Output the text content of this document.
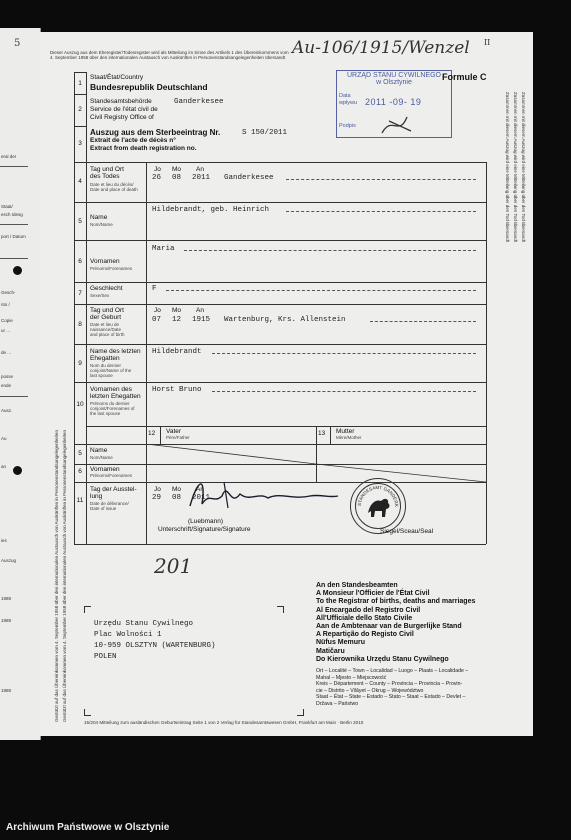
5
eral der
Staat/
esch Idesg
port / Datum
Gesch-
nto /
Copie
ur ...
de ...
posse
ende
Ausz.
Au
an
ies
Auszug
1988
1988
1988
Dieser Auszug aus dem Eheregister/Todesregister wird als Mitteilung im Sinne des Artikels 1 des Übereinkommens vom
4. September 1958 über den internationalen Austausch von Auskünften in Personenstandsangelegenheiten übersandt Au-106/1915/Wenzel II
URZĄD STANU CYWILNEGO
w Olsztynie
Data wpływu 2011 -09- 19
Podpis
Formule C
Gestützt auf das Übereinkommen vom 4. September 1958 über den internationalen Austausch von Auskünften in Personenstandsangelegenheiten Gestützt auf das Übereinkommen vom 4. September 1958 über den internationalen Austausch von Auskünften in Personenstandsangelegenheiten
Zusammen mit diesem Auszug wird eine Mitteilung über den Tod übersandt Zusammen mit diesem Auszug wird eine Mitteilung über den Tod übersandt Zusammen mit diesem Auszug wird eine Mitteilung über den Tod übersandt
1
2
3
4
5
6
7
8
9
10
11
Staat/État/Country
Bundesrepublik Deutschland
Standesamtsbehörde
Service de l'état civil de
Civil Registry Office of
Ganderkesee
Auszug aus dem Sterbeeintrag Nr.
Extrait de l'acte de décès n°
Extract from death registration no.
S 150/2011
Tag und Ort
des Todes
Date et lieu du décès/
Date and place of death
Jo Mo An
26 08 2011 Ganderkesee
Name
Nom/Name
Hildebrandt, geb. Heinrich
Vornamen
Prénoms/Forenames
Maria
Geschlecht
Sexe/Sex
F
Tag und Ort
der Geburt
Date et lieu de
naissance/Date
and place of birth
Jo Mo An
07 12 1915 Wartenburg, Krs. Allenstein
Name des letzten
Ehegatten
Nom du dernier
conjoint/Name of the
last spouse
Hildebrandt
Vornamen des
letzten Ehegatten
Prénoms du dernier
conjoint/Forenames of
the last spouse
Horst Bruno
12 Vater
Père/Father
13 Mutter
Mère/Mother
5
6
Name
Nom/Name
Vornamen
Prénoms/Forenames
Tag der Ausstel-
lung
Date de délivrance/
Date of issue
Jo Mo An
29 08 2011
(Luebmann)
Unterschrift/Signature/Signature	Siegel/Sceau/Seal
STANDESAMT GANDERK
201
Urzędu Stanu Cywilnego
Plac Wolności 1
10-959 OLSZTYN (WARTENBURG)
POLEN
An den Standesbeamten
A Monsieur l'Officier de l'État Civil
To the Registrar of births, deaths and marriages
Al Encargado del Registro Civil
All'Ufficiale dello Stato Civile
Aan de Ambtenaar van de Burgerlijke Stand
A Repartição do Registo Civil
Nüfus Memuru
Matičaru
Do Kierownika Urzędu Stanu Cywilnego
Ort – Localité – Town – Localidad – Luogo – Plaats – Localidade –
Mahal – Mjesto – Miejscowość
Kreis – Département – County – Provincia – Provincia – Provin-
cie – Distrito – Vilâyet – Okrug – Województwo
Staat – État – State – Estado – Stato – Staat – Estado – Devlet –
Država – Państwo
15/204 Mitteilung zum ausländischen Geburtseintrag Seite 1 von 2 Verlag für Standesamtswesen GmbH, Frankfurt am Main · Berlin 2010
Archiwum Państwowe w Olsztynie
